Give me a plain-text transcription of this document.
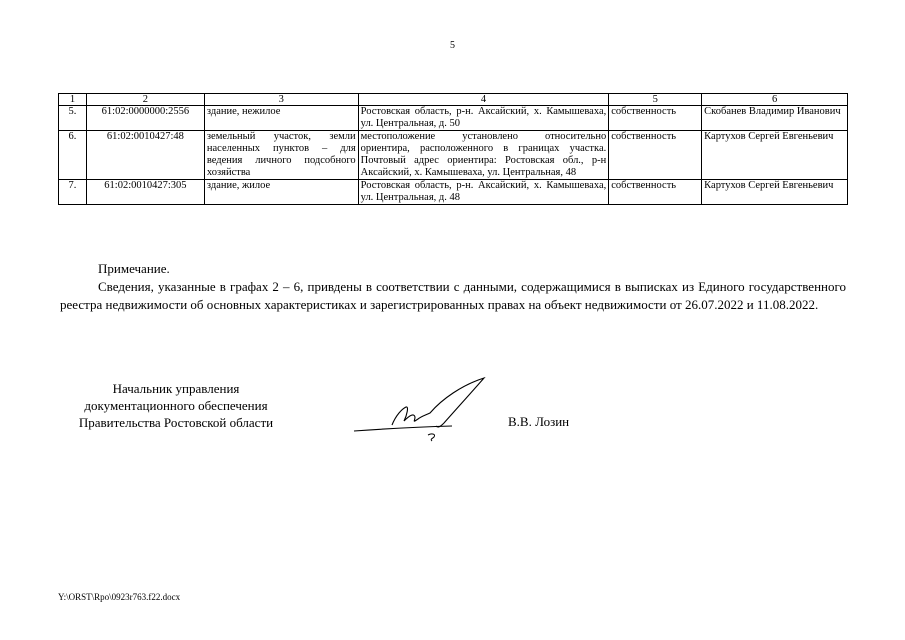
5
1	2	3	4	5	6
5.	61:02:0000000:2556	здание, нежилое	Ростовская область, р-н. Аксайский, х. Камышеваха, ул. Центральная, д. 50	собственность	Скобанев Владимир Иванович
6.	61:02:0010427:48	земельный участок, земли населенных пунктов – для ведения личного подсобного хозяйства	местоположение установлено относительно ориентира, расположенного в границах участка. Почтовый адрес ориентира: Ростовская обл., р-н Аксайский, х. Камышеваха, ул. Центральная, 48	собственность	Картухов Сергей Евгеньевич
7.	61:02:0010427:305	здание, жилое	Ростовская область, р-н. Аксайский, х. Камышеваха, ул. Центральная, д. 48	собственность	Картухов Сергей Евгеньевич
Примечание.
Сведения, указанные в графах 2 – 6, привдены в соответствии с данными, содержащимися в выписках из Единого государственного реестра недвижимости об основных характеристиках и зарегистрированных правах на объект недвижимости от 26.07.2022 и 11.08.2022.
Начальник управления
документационного обеспечения
Правительства Ростовской области	В.В. Лозин
Y:\ORST\Rpo\0923r763.f22.docx
